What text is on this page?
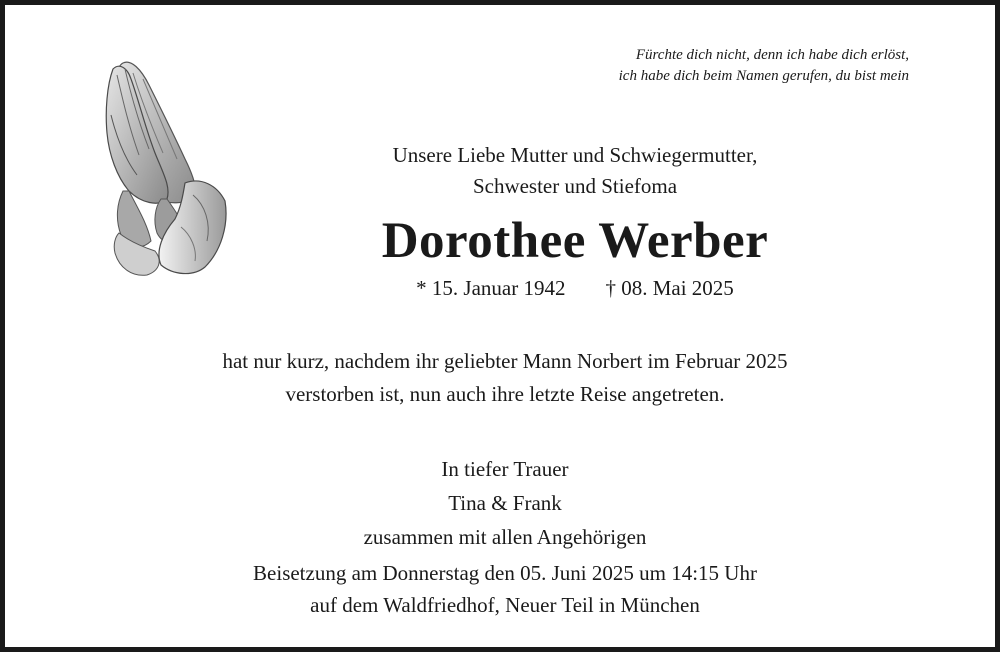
Fürchte dich nicht, denn ich habe dich erlöst,
ich habe dich beim Namen gerufen, du bist mein
Unsere Liebe Mutter und Schwiegermutter,
Schwester und Stiefoma
Dorothee Werber
* 15. Januar 1942 † 08. Mai 2025
hat nur kurz, nachdem ihr geliebter Mann Norbert im Februar 2025
verstorben ist, nun auch ihre letzte Reise angetreten.
In tiefer Trauer
Tina & Frank
zusammen mit allen Angehörigen
Beisetzung am Donnerstag den 05. Juni 2025 um 14:15 Uhr
auf dem Waldfriedhof, Neuer Teil in München
